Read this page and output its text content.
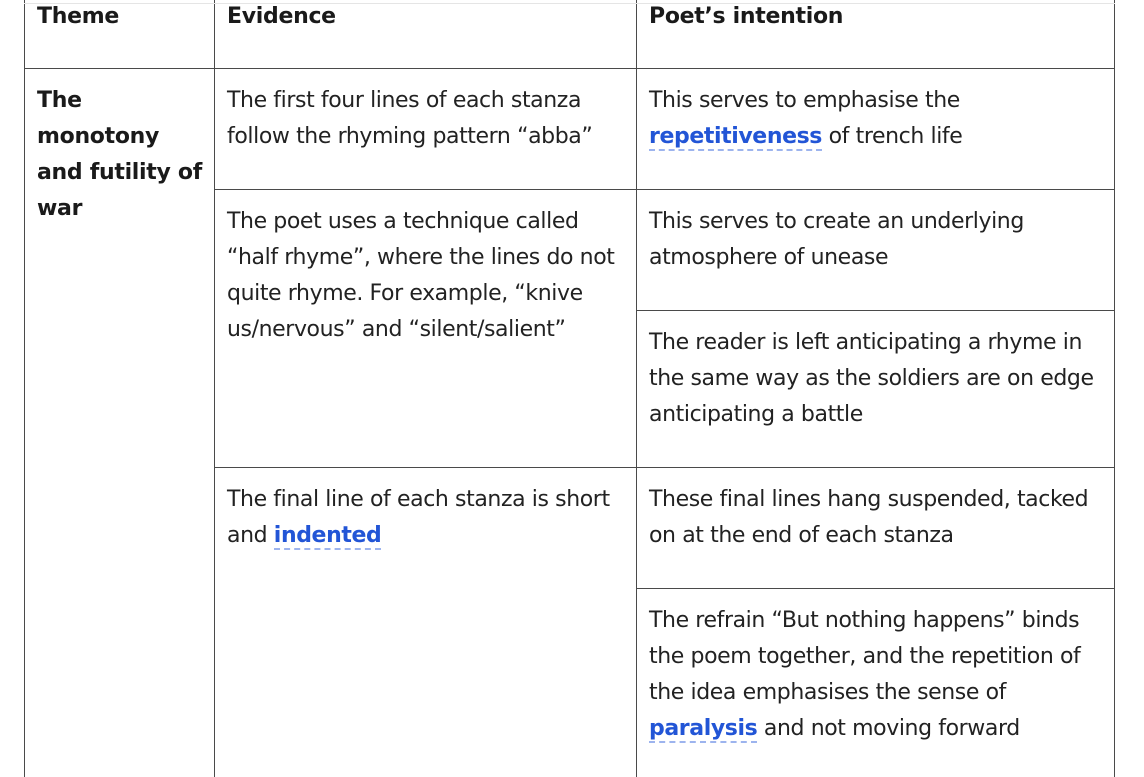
Theme	Evidence	Poet’s intention
The monotony and futility of war
The first four lines of each stanza follow the rhyming pattern “abba”
This serves to emphasise the repetitiveness of trench life
The poet uses a technique called “half rhyme”, where the lines do not quite rhyme. For example, “knive us/nervous” and “silent/salient”
This serves to create an underlying atmosphere of unease
The reader is left anticipating a rhyme in the same way as the soldiers are on edge anticipating a battle
The final line of each stanza is short and indented
These final lines hang suspended, tacked on at the end of each stanza
The refrain “But nothing happens” binds the poem together, and the repetition of the idea emphasises the sense of paralysis and not moving forward
